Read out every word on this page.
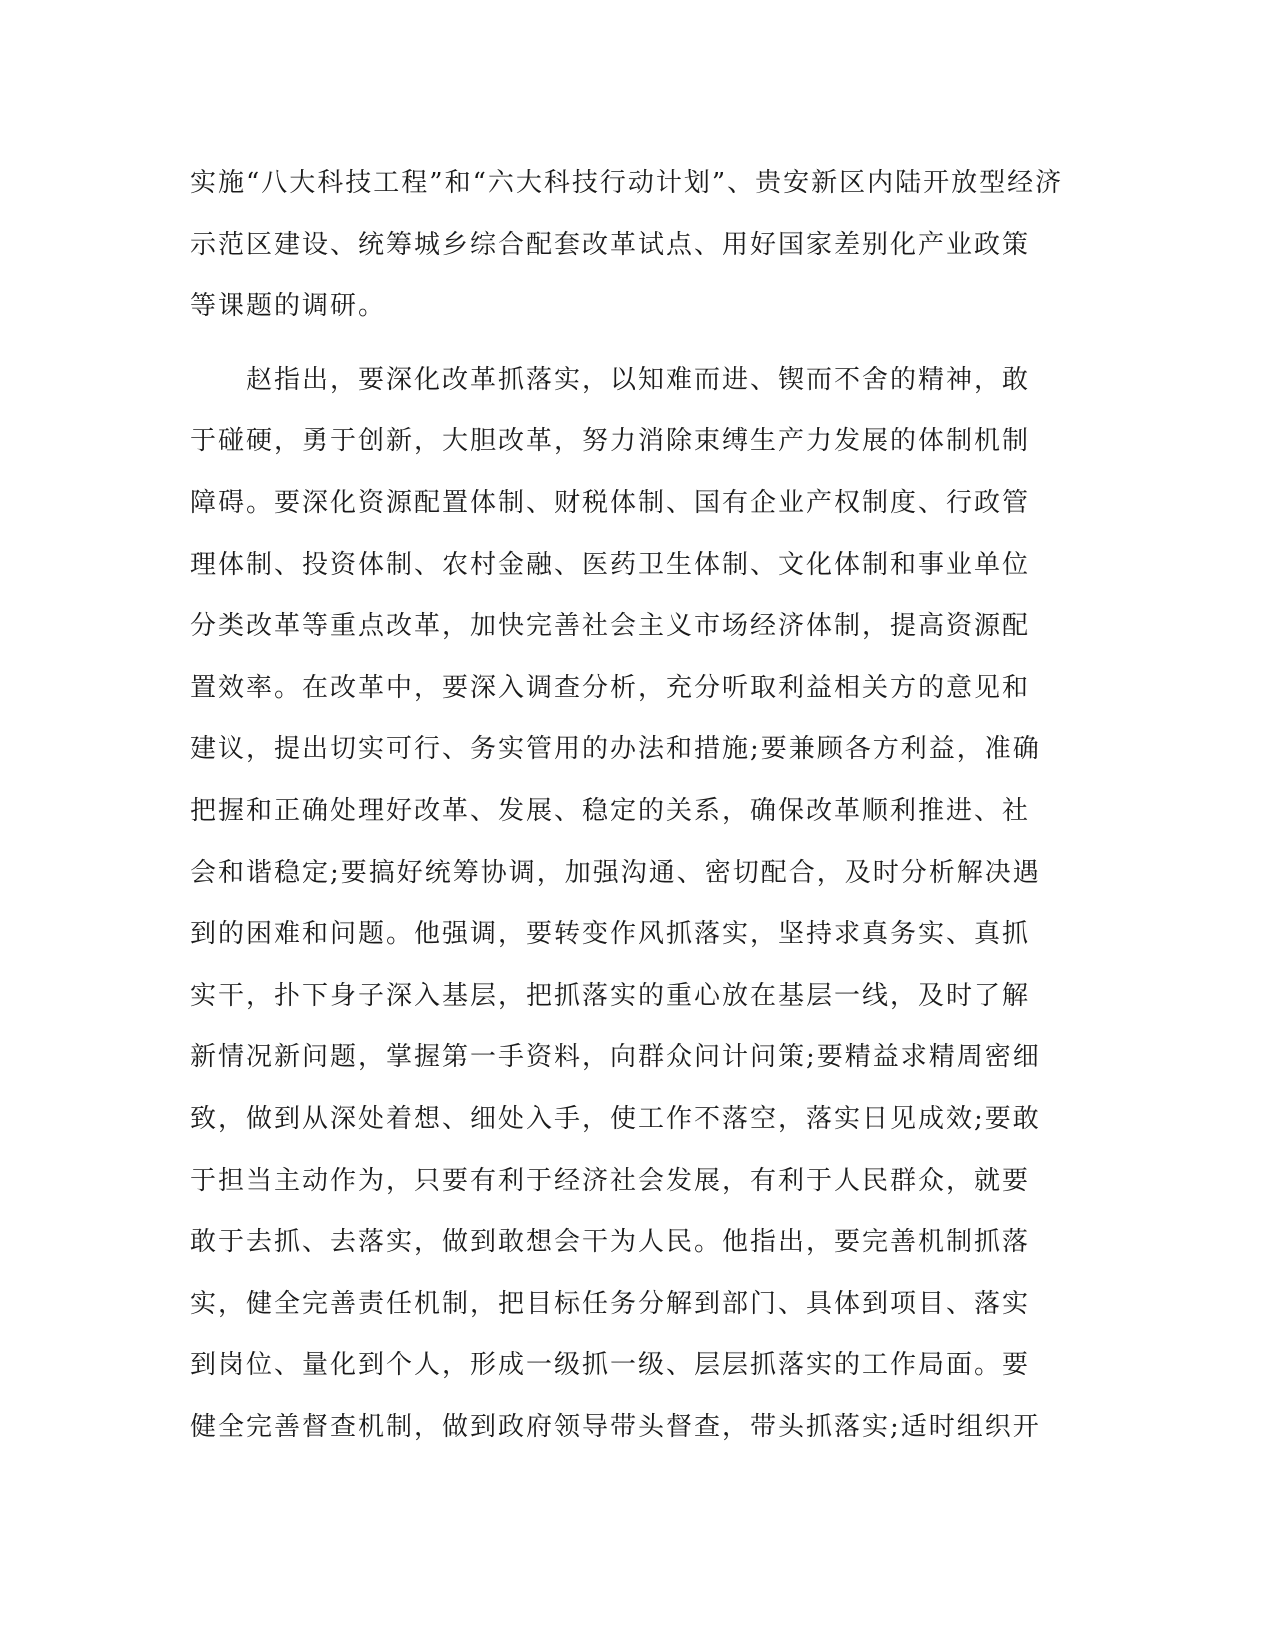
实施“八大科技工程”和“六大科技行动计划”、贵安新区内陆开放型经济
示范区建设、统筹城乡综合配套改革试点、用好国家差别化产业政策
等课题的调研。
　　赵指出，要深化改革抓落实，以知难而进、锲而不舍的精神，敢
于碰硬，勇于创新，大胆改革，努力消除束缚生产力发展的体制机制
障碍。要深化资源配置体制、财税体制、国有企业产权制度、行政管
理体制、投资体制、农村金融、医药卫生体制、文化体制和事业单位
分类改革等重点改革，加快完善社会主义市场经济体制，提高资源配
置效率。在改革中，要深入调查分析，充分听取利益相关方的意见和
建议，提出切实可行、务实管用的办法和措施;要兼顾各方利益，准确
把握和正确处理好改革、发展、稳定的关系，确保改革顺利推进、社
会和谐稳定;要搞好统筹协调，加强沟通、密切配合，及时分析解决遇
到的困难和问题。他强调，要转变作风抓落实，坚持求真务实、真抓
实干，扑下身子深入基层，把抓落实的重心放在基层一线，及时了解
新情况新问题，掌握第一手资料，向群众问计问策;要精益求精周密细
致，做到从深处着想、细处入手，使工作不落空，落实日见成效;要敢
于担当主动作为，只要有利于经济社会发展，有利于人民群众，就要
敢于去抓、去落实，做到敢想会干为人民。他指出，要完善机制抓落
实，健全完善责任机制，把目标任务分解到部门、具体到项目、落实
到岗位、量化到个人，形成一级抓一级、层层抓落实的工作局面。要
健全完善督查机制，做到政府领导带头督查，带头抓落实;适时组织开
